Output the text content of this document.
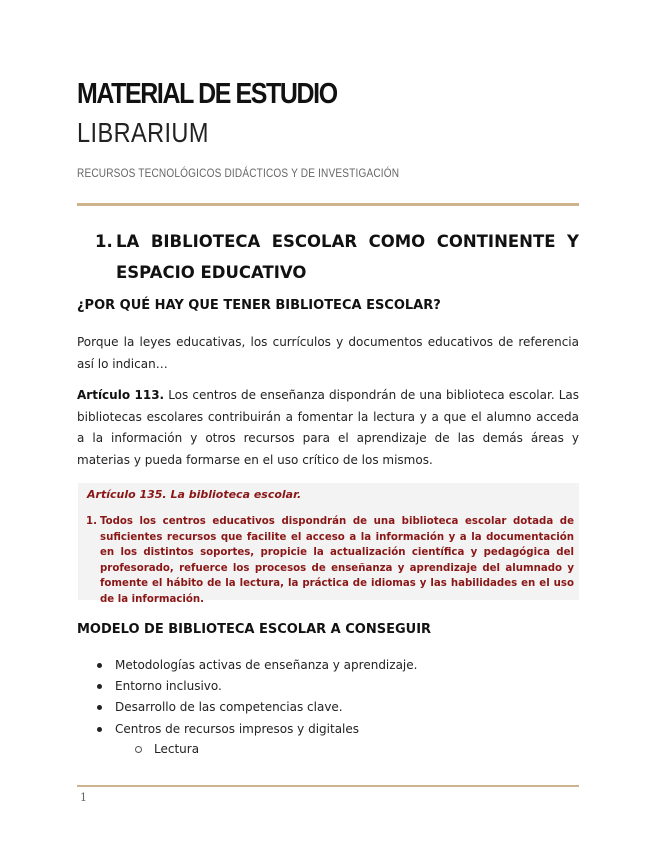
MATERIAL DE ESTUDIO
LIBRARIUM
RECURSOS TECNOLÓGICOS DIDÁCTICOS Y DE INVESTIGACIÓN
1. LA BIBLIOTECA ESCOLAR COMO CONTINENTE Y ESPACIO EDUCATIVO
¿POR QUÉ HAY QUE TENER BIBLIOTECA ESCOLAR?
Porque la leyes educativas, los currículos y documentos educativos de referencia así lo indican…
Artículo 113. Los centros de enseñanza dispondrán de una biblioteca escolar. Las bibliotecas escolares contribuirán a fomentar la lectura y a que el alumno acceda a la información y otros recursos para el aprendizaje de las demás áreas y materias y pueda formarse en el uso crítico de los mismos.
Artículo 135. La biblioteca escolar.
1. Todos los centros educativos dispondrán de una biblioteca escolar dotada de suficientes recursos que facilite el acceso a la información y a la documentación en los distintos soportes, propicie la actualización científica y pedagógica del profesorado, refuerce los procesos de enseñanza y aprendizaje del alumnado y fomente el hábito de la lectura, la práctica de idiomas y las habilidades en el uso de la información.
MODELO DE BIBLIOTECA ESCOLAR A CONSEGUIR
Metodologías activas de enseñanza y aprendizaje.
Entorno inclusivo.
Desarrollo de las competencias clave.
Centros de recursos impresos y digitales
Lectura
1
